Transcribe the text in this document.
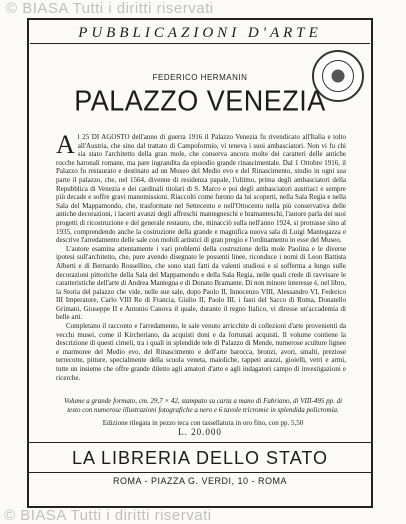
© BIASA Tutti i diritti riservati
PUBBLICAZIONI D'ARTE
FEDERICO HERMANIN
PALAZZO VENEZIA

A l 25 DI AGOSTO dell'anno di guerra 1916 il Palazzo Venezia fu rivendicato all'Italia e tolto all'Austria, che sino dal trattato di Campoformio, vi teneva i suoi ambasciatori. Non vi fu chi sia stato l'architetto della gran mole, che conserva ancora molte dei caratteri delle antiche rocche baronali romane, ma pare ingrandita da episodio grande rinascimentale. Dal 1 Ottobre 1916, il Palazzo fu restaurato e destinato ad un Museo del Medio evo e del Rinascimento, studio in ogni sua parte il palazzo, che, nel 1564, divenne di residenza papale, l'ultimo, prima degli ambasciatori della Repubblica di Venezia e dei cardinali titolari di S. Marco e poi degli ambasciatori austriaci e sempre più decade e soffre gravi manomissioni. Riaccolti come furono da lui scoperti, nella Sala Regia e nella Sala del Mappamondo, che, trasformate nel Settecento e nell'Ottocento nella più conservativa delle antiche decorazioni, i lacerti avanzi degli affreschi mantegneschi e bramanteschi, l'autore parla dei suoi progetti di ricostruzione e del generale restauro, che, minacciò sulla nell'anno 1924, si protrasse sino al 1935, comprendendo anche la costruzione della grande e magnifica nuova sala di Luigi Mantegazza e descrive l'arredamento delle sale con mobili artistici di gran pregio e l'ordinamento in esse del Museo.

L'autore esamina attentamente i vari problemi della costruzione della mole Paolina e le diverse ipotesi sull'architetto, che, pure avendo disegnato le possenti linee, riconduce i nomi di Leon Battista Alberti e di Bernardo Rossellino, che sono stati fatti da valenti studiosi e si sofferma a lungo sulle decorazioni pittoriche della Sala del Mappamondo e della Sala Regia, nelle quali crede di ravvisare le caratteristiche dell'arte di Andrea Mantegna e di Donato Bramante. Di non minore interesse è, nel libro, la Storia del palazzo che vide, nelle sue sale, dopo Paolo II, Innocenzo VIII, Alessandro VI, Federico III Imperatore, Carlo VIII Re di Francia, Giulio II, Paolo III, i fasti del Sacco di Roma, Donatello Grimani, Giuseppe II e Antonio Canova il quale, durante il regno Italico, vi diresse un'accademia di belle arti.

Completano il racconto e l'arredamento, le sale venuto arricchite di collezioni d'arte provenienti da vecchi musei, come il Kircheriano, da acquisti doni e da fortunati acquisti. Il volume contiene la descrizione di questi cimeli, tra i quali in splendide tele di Palazzo di Mende, numerose sculture lignee e marmoree del Medio evo, del Rinascimento e dell'arte barocca, bronzi, avori, smalti, preziose terrecotte, pitture, specialmente della scuola veneta, maioliche, tappeti arazzi, gioielli, vetri e armi, tutte un insieme che offre grande diletto agli amatori d'arte e agli indagatori campo di investigazioni e ricerche.

Volume a grande formato, cm. 29,7 × 42, stampato su carta a mano di Fabriano, di VIII-495 pp. di testo con numerose illustrazioni fotografiche a nero e 6 tavole tricromie in splendida policromia.
Edizione rilegata in pezzo teca con tassellatura in oro fino, con pp. 5,50
L. 20.000
LA LIBRERIA DELLO STATO
ROMA - PIAZZA G. VERDI, 10 - ROMA
© BIASA Tutti i diritti riservati
